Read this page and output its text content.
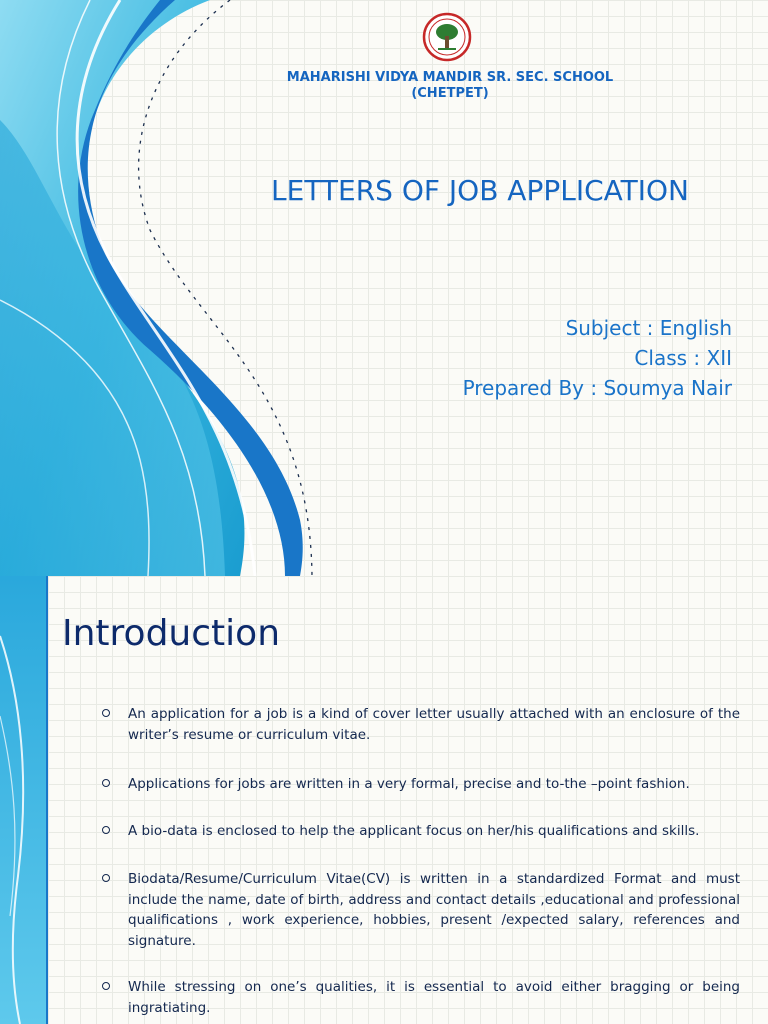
MAHARISHI VIDYA MANDIR SR. SEC. SCHOOL
(CHETPET)
LETTERS OF JOB APPLICATION
Subject : English
Class : XII
Prepared By : Soumya Nair
Introduction
An application for a job is a kind of cover letter usually attached with an enclosure of the writer’s resume or curriculum vitae.
Applications for jobs are written in a very formal, precise and to-the –point fashion.
A bio-data is enclosed to help the applicant focus on her/his qualifications and skills.
Biodata/Resume/Curriculum Vitae(CV) is written in a standardized Format and must include the name, date of birth, address and contact details ,educational and professional qualifications , work experience, hobbies, present /expected salary, references and signature.
While stressing on one’s qualities, it is essential to avoid either bragging or being ingratiating.
